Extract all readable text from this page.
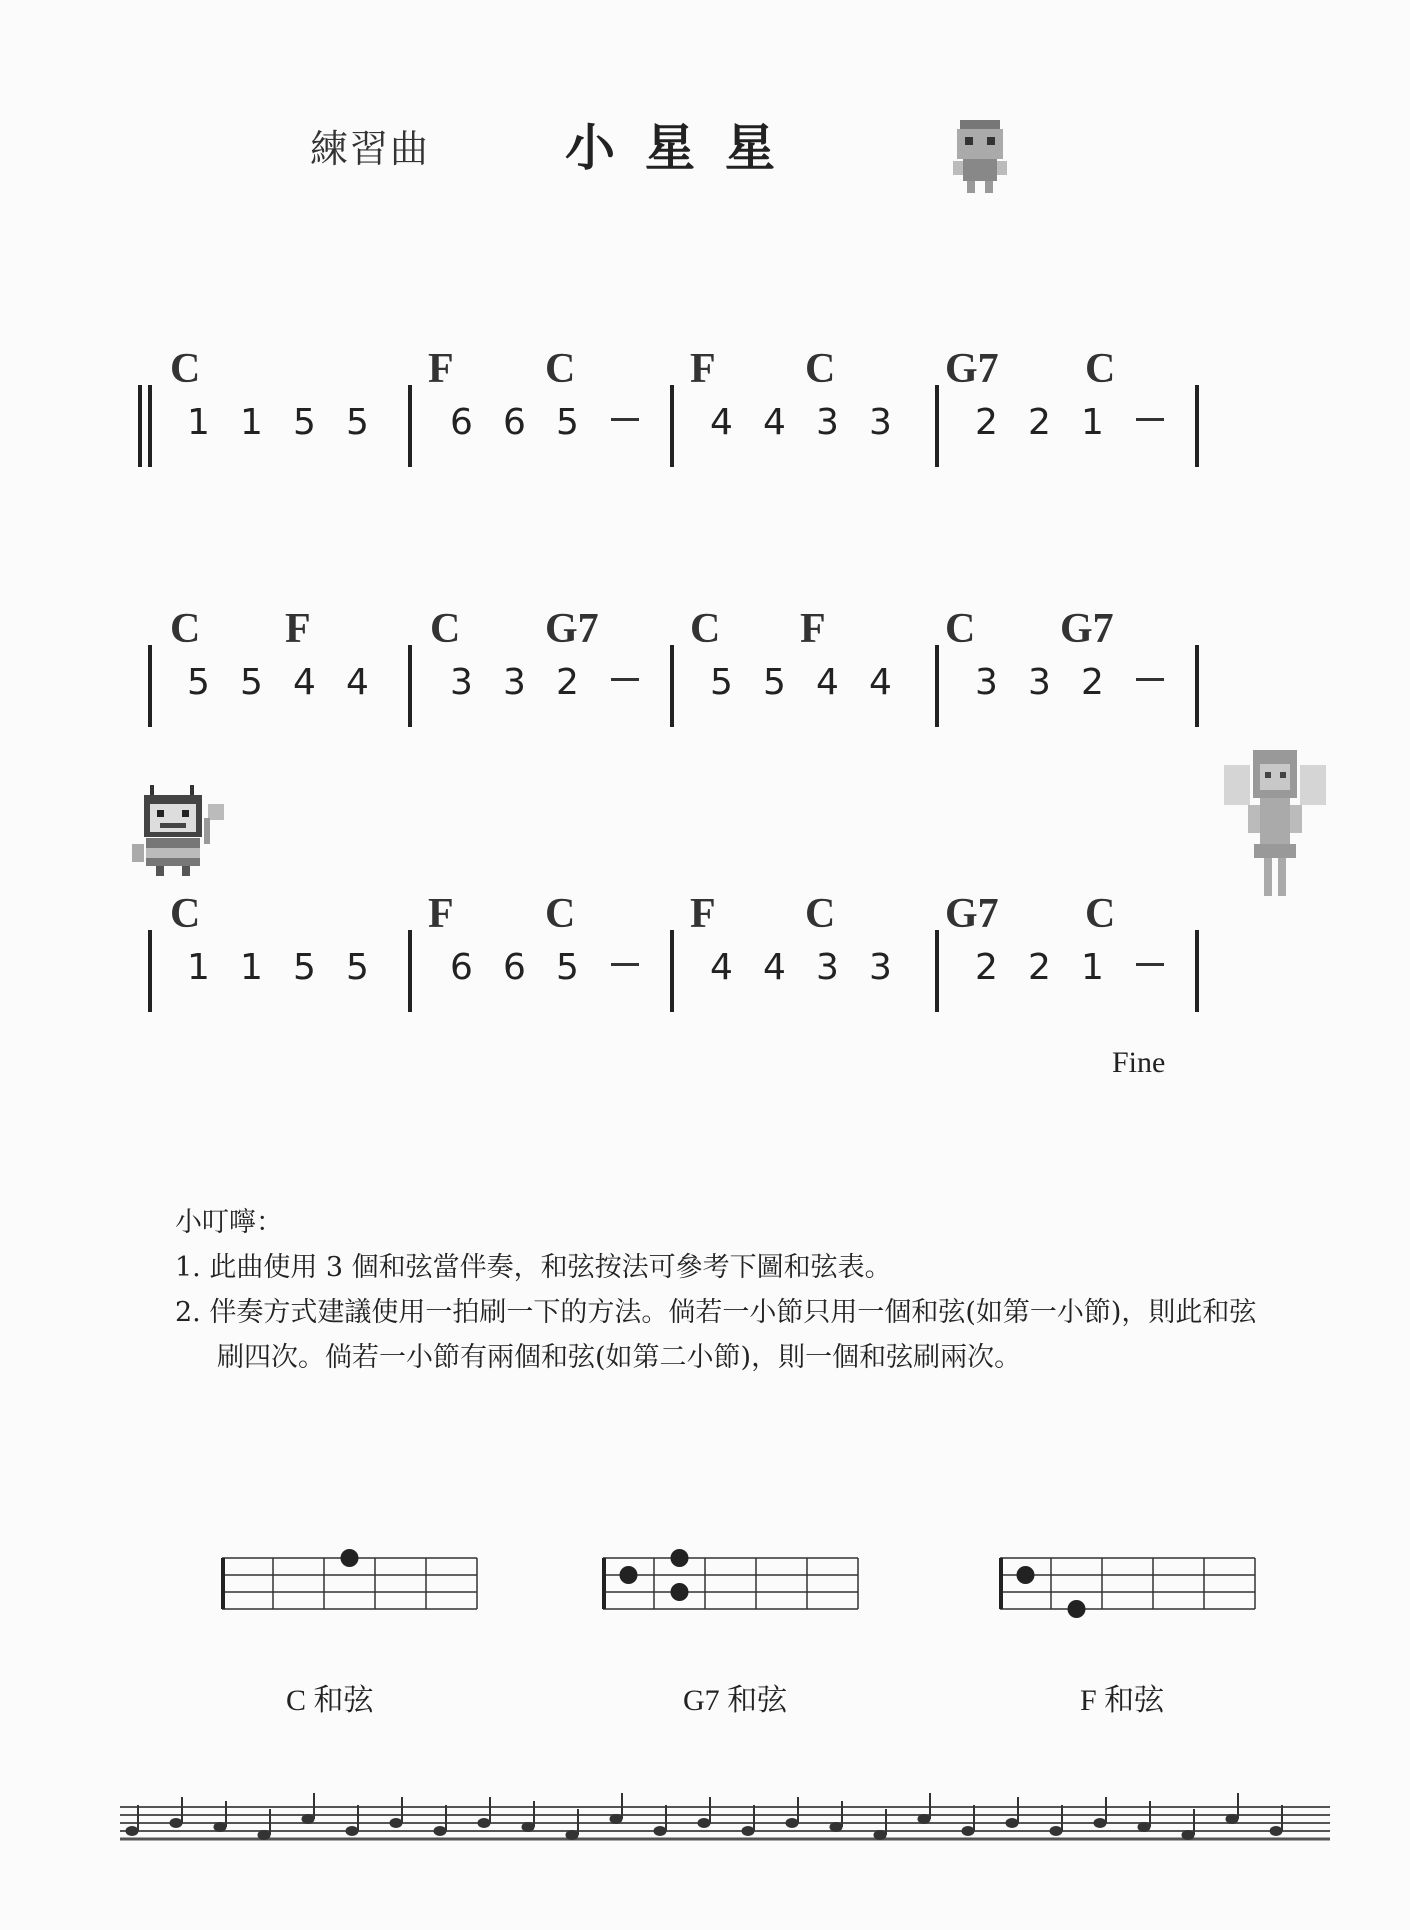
練習曲	小星星
C	F C	F C	G7 C
1 1 5 5 6 6 5	4 4 3 3 2 2 1
C F	C G7 C F	C G7
5 5 4 4 3 3 2	5 5 4 4 3 3 2
C	F C	F C	G7 C
1 1 5 5 6 6 5	4 4 3 3 2 2 1
Fine
小叮嚀：
1. 此曲使用 3 個和弦當伴奏，和弦按法可參考下圖和弦表。
2. 伴奏方式建議使用一拍刷一下的方法。倘若一小節只用一個和弦(如第一小節)，則此和弦刷四次。倘若一小節有兩個和弦(如第二小節)，則一個和弦刷兩次。
C 和弦	G7 和弦	F 和弦
